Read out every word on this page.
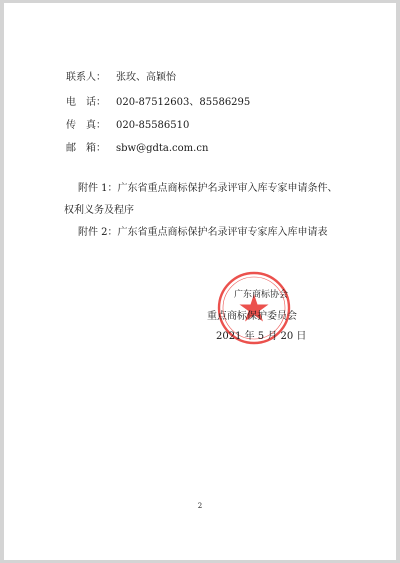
联系人： 张玫、高颖怡
电　话： 020-87512603、85586295
传　真： 020-85586510
邮　箱： sbw@gdta.com.cn
附件 1：广东省重点商标保护名录评审入库专家申请条件、
权利义务及程序
附件 2：广东省重点商标保护名录评审专家库入库申请表
广东商标协会
重点商标保护委员会
2021 年 5 月 20 日
2
